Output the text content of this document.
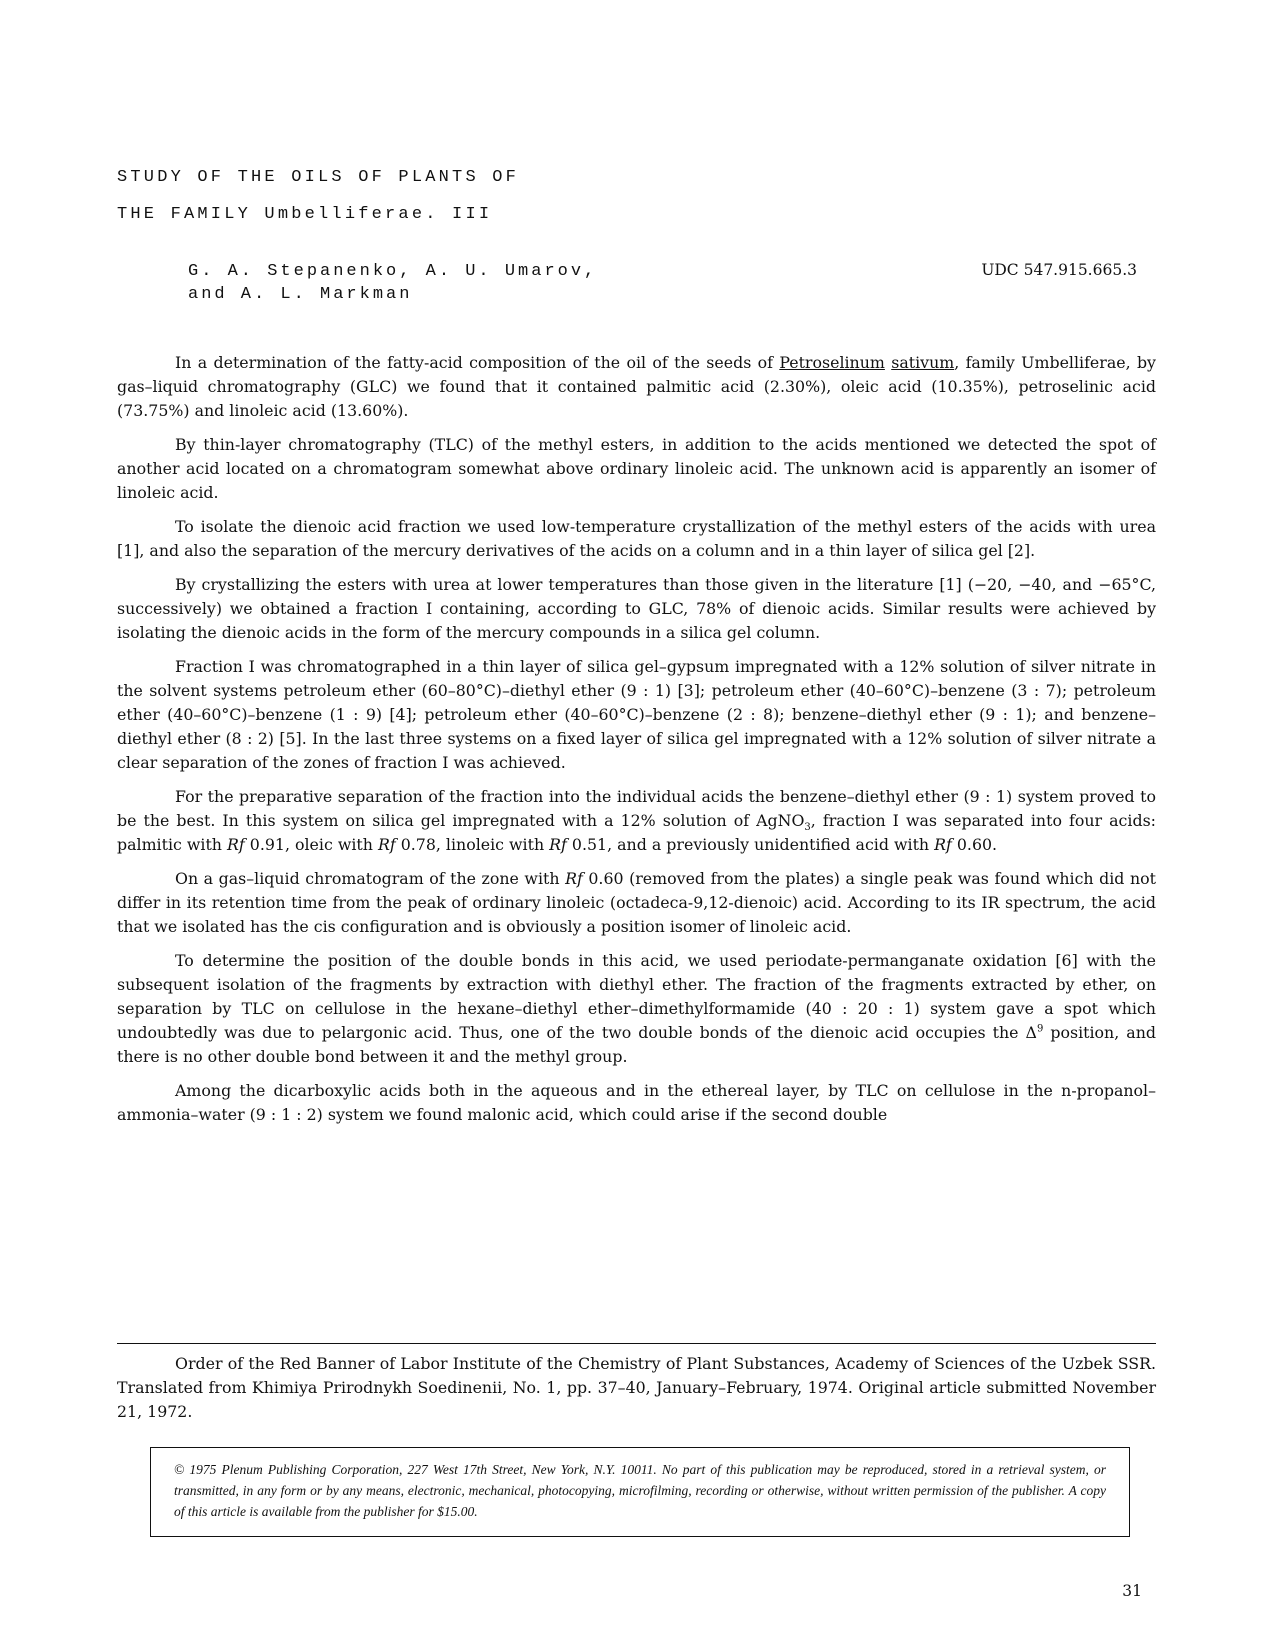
STUDY OF THE OILS OF PLANTS OF
THE FAMILY Umbelliferae. III
G. A. Stepanenko, A. U. Umarov,
and A. L. Markman
UDC 547.915.665.3

In a determination of the fatty-acid composition of the oil of the seeds of Petroselinum sativum, family Umbelliferae, by gas–liquid chromatography (GLC) we found that it contained palmitic acid (2.30%), oleic acid (10.35%), petroselinic acid (73.75%) and linoleic acid (13.60%).

By thin-layer chromatography (TLC) of the methyl esters, in addition to the acids mentioned we detected the spot of another acid located on a chromatogram somewhat above ordinary linoleic acid. The unknown acid is apparently an isomer of linoleic acid.

To isolate the dienoic acid fraction we used low-temperature crystallization of the methyl esters of the acids with urea [1], and also the separation of the mercury derivatives of the acids on a column and in a thin layer of silica gel [2].

By crystallizing the esters with urea at lower temperatures than those given in the literature [1] (−20, −40, and −65°C, successively) we obtained a fraction I containing, according to GLC, 78% of dienoic acids. Similar results were achieved by isolating the dienoic acids in the form of the mercury compounds in a silica gel column.

Fraction I was chromatographed in a thin layer of silica gel–gypsum impregnated with a 12% solution of silver nitrate in the solvent systems petroleum ether (60–80°C)–diethyl ether (9 : 1) [3]; petroleum ether (40–60°C)–benzene (3 : 7); petroleum ether (40–60°C)–benzene (1 : 9) [4]; petroleum ether (40–60°C)–benzene (2 : 8); benzene–diethyl ether (9 : 1); and benzene–diethyl ether (8 : 2) [5]. In the last three systems on a fixed layer of silica gel impregnated with a 12% solution of silver nitrate a clear separation of the zones of fraction I was achieved.

For the preparative separation of the fraction into the individual acids the benzene–diethyl ether (9 : 1) system proved to be the best. In this system on silica gel impregnated with a 12% solution of AgNO$_3$, fraction I was separated into four acids: palmitic with Rf 0.91, oleic with Rf 0.78, linoleic with Rf 0.51, and a previously unidentified acid with Rf 0.60.

On a gas–liquid chromatogram of the zone with Rf 0.60 (removed from the plates) a single peak was found which did not differ in its retention time from the peak of ordinary linoleic (octadeca-9,12-dienoic) acid. According to its IR spectrum, the acid that we isolated has the cis configuration and is obviously a position isomer of linoleic acid.

To determine the position of the double bonds in this acid, we used periodate-permanganate oxidation [6] with the subsequent isolation of the fragments by extraction with diethyl ether. The fraction of the fragments extracted by ether, on separation by TLC on cellulose in the hexane–diethyl ether–dimethylformamide (40 : 20 : 1) system gave a spot which undoubtedly was due to pelargonic acid. Thus, one of the two double bonds of the dienoic acid occupies the $\Delta^9$ position, and there is no other double bond between it and the methyl group.

Among the dicarboxylic acids both in the aqueous and in the ethereal layer, by TLC on cellulose in the n-propanol–ammonia–water (9 : 1 : 2) system we found malonic acid, which could arise if the second double

Order of the Red Banner of Labor Institute of the Chemistry of Plant Substances, Academy of Sciences of the Uzbek SSR. Translated from Khimiya Prirodnykh Soedinenii, No. 1, pp. 37–40, January–February, 1974. Original article submitted November 21, 1972.

© 1975 Plenum Publishing Corporation, 227 West 17th Street, New York, N.Y. 10011. No part of this publication may be reproduced, stored in a retrieval system, or transmitted, in any form or by any means, electronic, mechanical, photocopying, microfilming, recording or otherwise, without written permission of the publisher. A copy of this article is available from the publisher for $15.00.
31
